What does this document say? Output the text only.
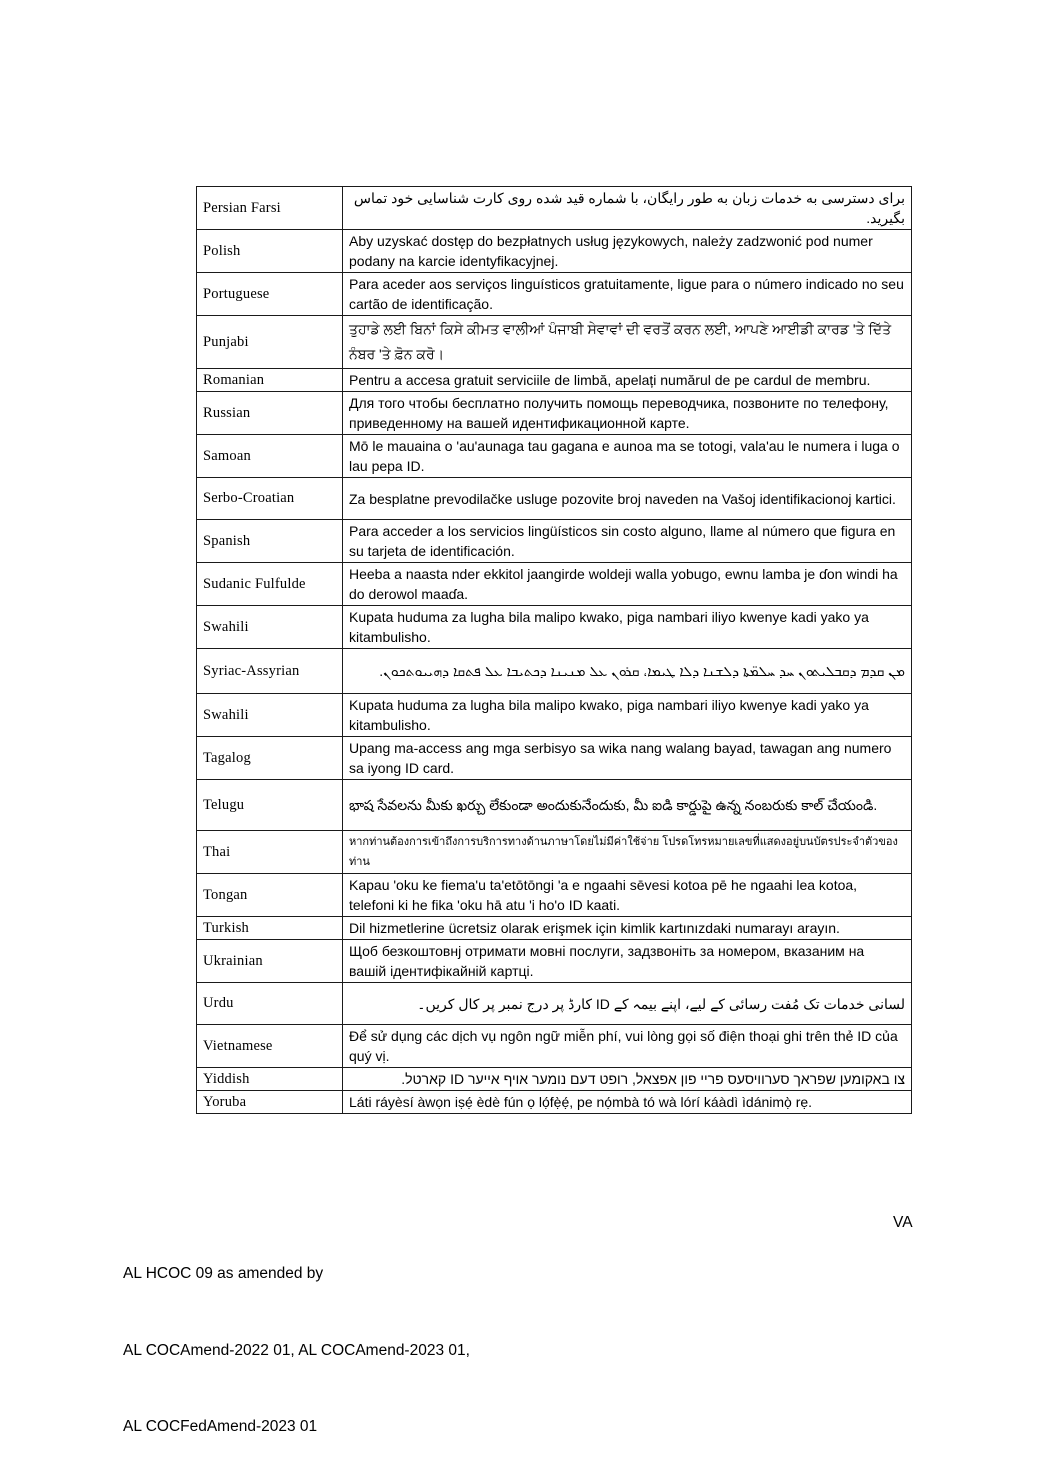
Persian Farsi	برای دسترسی به خدمات زبان به طور رایگان، با شماره قید شده روی کارت شناسایی خود تماس بگیرید.
Polish	Aby uzyskać dostęp do bezpłatnych usług językowych, należy zadzwonić pod numer podany na karcie identyfikacyjnej.
Portuguese	Para aceder aos serviços linguísticos gratuitamente, ligue para o número indicado no seu cartão de identificação.
Punjabi	ਤੁਹਾਡੇ ਲਈ ਬਿਨਾਂ ਕਿਸੇ ਕੀਮਤ ਵਾਲੀਆਂ ਪੰਜਾਬੀ ਸੇਵਾਵਾਂ ਦੀ ਵਰਤੋਂ ਕਰਨ ਲਈ, ਆਪਣੇ ਆਈਡੀ ਕਾਰਡ 'ਤੇ ਦਿੱਤੇ ਨੰਬਰ 'ਤੇ ਫ਼ੋਨ ਕਰੋ।
Romanian	Pentru a accesa gratuit serviciile de limbă, apelați numărul de pe cardul de membru.
Russian	Для того чтобы бесплатно получить помощь переводчика, позвоните по телефону, приведенному на вашей идентификационной карте.
Samoan	Mō le mauaina o 'au'aunaga tau gagana e aunoa ma se totogi, vala'au le numera i luga o lau pepa ID.
Serbo-Croatian	Za besplatne prevodilačke usluge pozovite broj naveden na Vašoj identifikacionoj kartici.
Spanish	Para acceder a los servicios lingüísticos sin costo alguno, llame al número que figura en su tarjeta de identificación.
Sudanic Fulfulde	Heeba a naasta nder ekkitol jaangirde woldeji walla yobugo, ewnu lamba je ɗon windi ha do derowol maaɗa.
Swahili	Kupata huduma za lugha bila malipo kwako, piga nambari iliyo kwenye kadi yako ya kitambulisho.
Syriac-Assyrian	ܡܢ ܩܕܡ ܕܩܒܠܝܬܘܢ ܚܕ ܚܠܡ̈ܬܐ ܕܠܫܢܐ ܕܠܐ ܛܝܡܐ، ܩܪܘܢ ܥܠ ܡܢܝܢܐ ܕܟܬܝܒܐ ܥܠ ܦܬܩܐ ܕܗܝܝܘܬܟܘܢ.
Swahili	Kupata huduma za lugha bila malipo kwako, piga nambari iliyo kwenye kadi yako ya kitambulisho.
Tagalog	Upang ma-access ang mga serbisyo sa wika nang walang bayad, tawagan ang numero sa iyong ID card.
Telugu	భాష సేవలను మీకు ఖర్చు లేకుండా అందుకునేందుకు, మీ ఐడి కార్డుపై ఉన్న నంబరుకు కాల్ చేయండి.
Thai	หากท่านต้องการเข้าถึงการบริการทางด้านภาษาโดยไม่มีค่าใช้จ่าย โปรดโทรหมายเลขที่แสดงอยู่บนบัตรประจำตัวของท่าน
Tongan	Kapau 'oku ke fiema'u ta'etōtōngi 'a e ngaahi sēvesi kotoa pē he ngaahi lea kotoa, telefoni ki he fika 'oku hā atu 'i ho'o ID kaati.
Turkish	Dil hizmetlerine ücretsiz olarak erişmek için kimlik kartınızdaki numarayı arayın.
Ukrainian	Щоб безкоштовнj отримати мовні послуги, задзвоніть за номером, вказаним на вашій ідентифікайній картці.
Urdu	لسانی خدمات تک مُفت رسائی کے لیے، اپنے بیمہ کے ID کارڈ پر درج نمبر پر کال کریں۔
Vietnamese	Để sử dụng các dịch vụ ngôn ngữ miễn phí, vui lòng gọi số điện thoại ghi trên thẻ ID của quý vị.
Yiddish	צו באקומען שפראך סערוויסעס פריי פון אפצאל, רופט דעם נומער אויף אייער ID קארטל.
Yoruba	Láti ráyèsí àwọn iṣẹ́ èdè fún ọ lọ́fẹ̀ẹ́, pe nọ́mbà tó wà lórí káàdì ìdánimọ̀ rẹ.

AL HCOC 09 as amended by

AL COCAmend-2022 01, AL COCAmend-2023 01,

AL COCFedAmend-2023 01

VA
